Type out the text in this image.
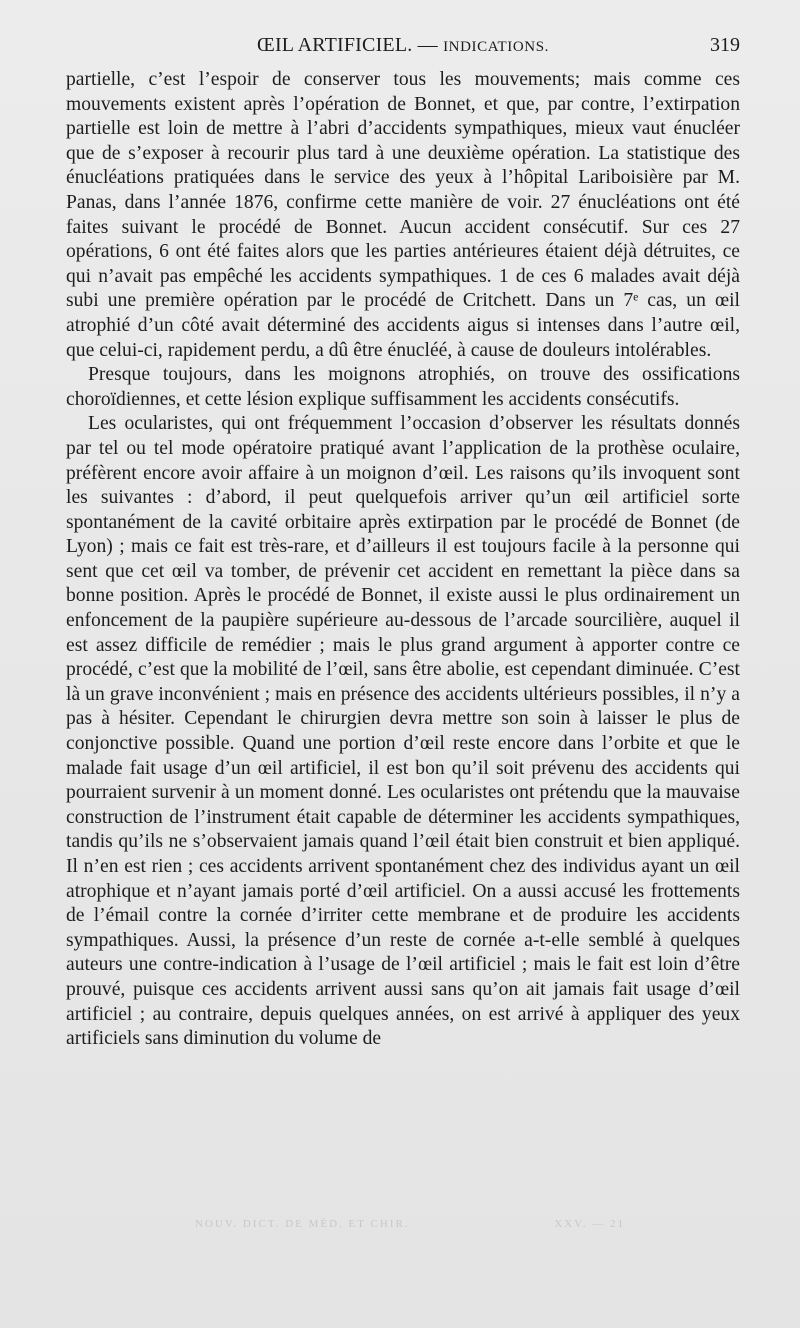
ŒIL ARTIFICIEL. — INDICATIONS.	319

partielle, c’est l’espoir de conserver tous les mouvements; mais comme ces mouvements existent après l’opération de Bonnet, et que, par contre, l’extirpation partielle est loin de mettre à l’abri d’accidents sympathiques, mieux vaut énucléer que de s’exposer à recourir plus tard à une deuxième opération. La statistique des énucléations pratiquées dans le service des yeux à l’hôpital Lariboisière par M. Panas, dans l’année 1876, confirme cette manière de voir. 27 énucléations ont été faites suivant le procédé de Bonnet. Aucun accident consécutif. Sur ces 27 opérations, 6 ont été faites alors que les parties antérieures étaient déjà détruites, ce qui n’avait pas empêché les accidents sympathiques. 1 de ces 6 malades avait déjà subi une première opération par le procédé de Critchett. Dans un 7ᵉ cas, un œil atrophié d’un côté avait déterminé des accidents aigus si intenses dans l’autre œil, que celui-ci, rapidement perdu, a dû être énucléé, à cause de douleurs intolérables.

Presque toujours, dans les moignons atrophiés, on trouve des ossifications choroïdiennes, et cette lésion explique suffisamment les accidents consécutifs.

Les ocularistes, qui ont fréquemment l’occasion d’observer les résultats donnés par tel ou tel mode opératoire pratiqué avant l’application de la prothèse oculaire, préfèrent encore avoir affaire à un moignon d’œil. Les raisons qu’ils invoquent sont les suivantes : d’abord, il peut quelquefois arriver qu’un œil artificiel sorte spontanément de la cavité orbitaire après extirpation par le procédé de Bonnet (de Lyon) ; mais ce fait est très-rare, et d’ailleurs il est toujours facile à la personne qui sent que cet œil va tomber, de prévenir cet accident en remettant la pièce dans sa bonne position. Après le procédé de Bonnet, il existe aussi le plus ordinairement un enfoncement de la paupière supérieure au-dessous de l’arcade sourcilière, auquel il est assez difficile de remédier ; mais le plus grand argument à apporter contre ce procédé, c’est que la mobilité de l’œil, sans être abolie, est cependant diminuée. C’est là un grave inconvénient ; mais en présence des accidents ultérieurs possibles, il n’y a pas à hésiter. Cependant le chirurgien devra mettre son soin à laisser le plus de conjonctive possible. Quand une portion d’œil reste encore dans l’orbite et que le malade fait usage d’un œil artificiel, il est bon qu’il soit prévenu des accidents qui pourraient survenir à un moment donné. Les ocularistes ont prétendu que la mauvaise construction de l’instrument était capable de déterminer les accidents sympathiques, tandis qu’ils ne s’observaient jamais quand l’œil était bien construit et bien appliqué. Il n’en est rien ; ces accidents arrivent spontanément chez des individus ayant un œil atrophique et n’ayant jamais porté d’œil artificiel. On a aussi accusé les frottements de l’émail contre la cornée d’irriter cette membrane et de produire les accidents sympathiques. Aussi, la présence d’un reste de cornée a-t-elle semblé à quelques auteurs une contre-indication à l’usage de l’œil artificiel ; mais le fait est loin d’être prouvé, puisque ces accidents arrivent aussi sans qu’on ait jamais fait usage d’œil artificiel ; au contraire, depuis quelques années, on est arrivé à appliquer des yeux artificiels sans diminution du volume de

NOUV. DICT. DE MÉD. ET CHIR.	XXV. — 21
